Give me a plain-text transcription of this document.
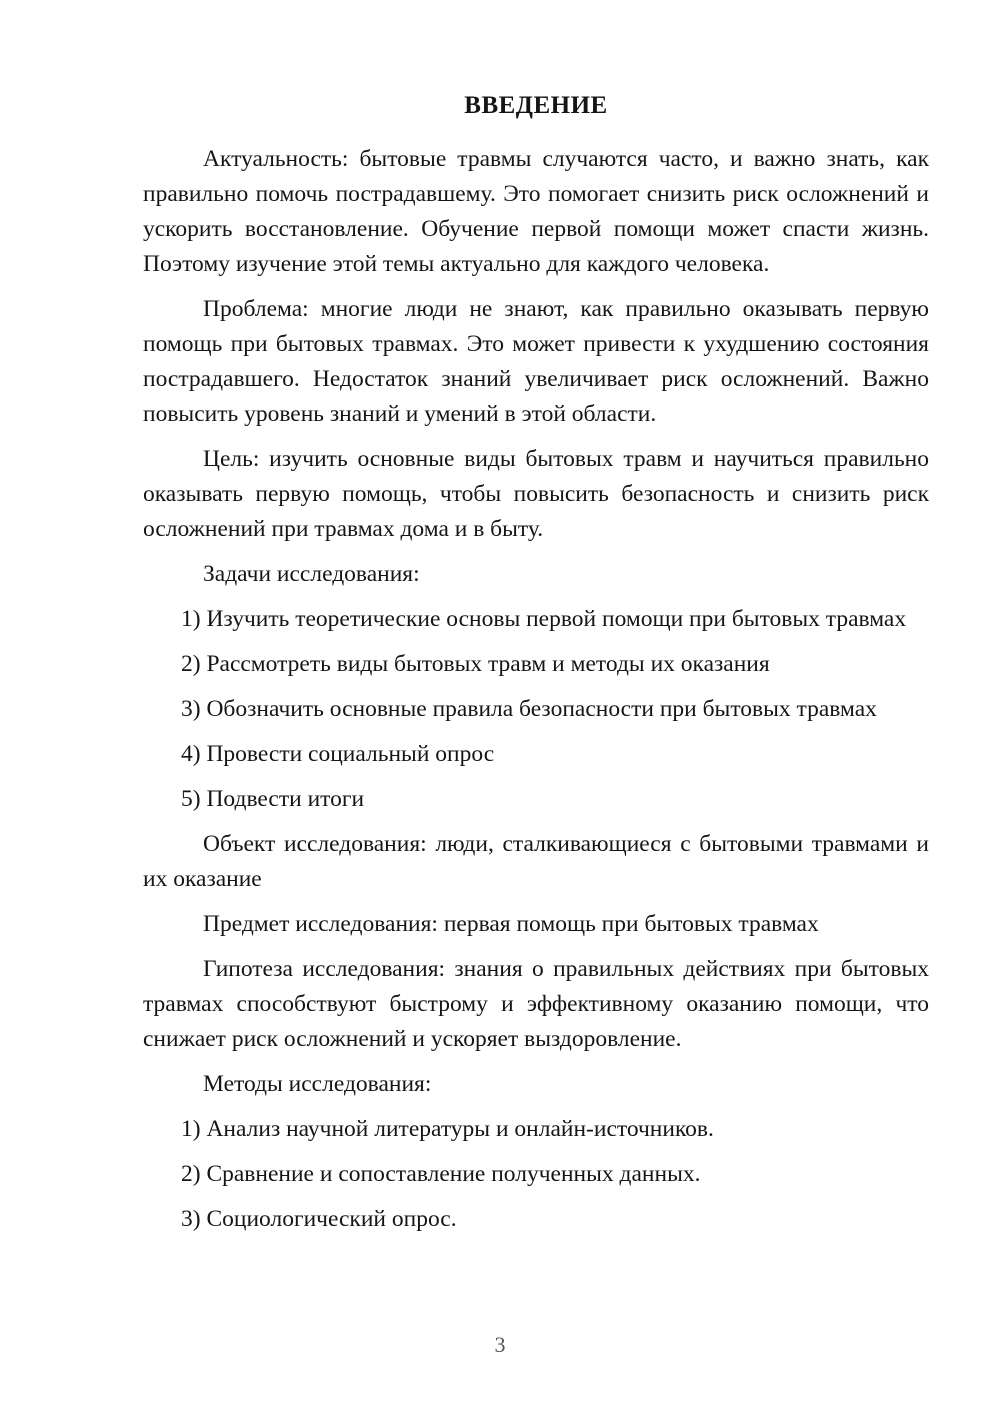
ВВЕДЕНИЕ

Актуальность: бытовые травмы случаются часто, и важно знать, как правильно помочь пострадавшему. Это помогает снизить риск осложнений и ускорить восстановление. Обучение первой помощи может спасти жизнь. Поэтому изучение этой темы актуально для каждого человека.

Проблема: многие люди не знают, как правильно оказывать первую помощь при бытовых травмах. Это может привести к ухудшению состояния пострадавшего. Недостаток знаний увеличивает риск осложнений. Важно повысить уровень знаний и умений в этой области.

Цель: изучить основные виды бытовых травм и научиться правильно оказывать первую помощь, чтобы повысить безопасность и снизить риск осложнений при травмах дома и в быту.

Задачи исследования:

1) Изучить теоретические основы первой помощи при бытовых травмах

2) Рассмотреть виды бытовых травм и методы их оказания

3) Обозначить основные правила безопасности при бытовых травмах

4) Провести социальный опрос

5) Подвести итоги

Объект исследования: люди, сталкивающиеся с бытовыми травмами и их оказание

Предмет исследования: первая помощь при бытовых травмах

Гипотеза исследования: знания о правильных действиях при бытовых травмах способствуют быстрому и эффективному оказанию помощи, что снижает риск осложнений и ускоряет выздоровление.

Методы исследования:

1) Анализ научной литературы и онлайн-источников.

2) Сравнение и сопоставление полученных данных.

3) Социологический опрос.

3
